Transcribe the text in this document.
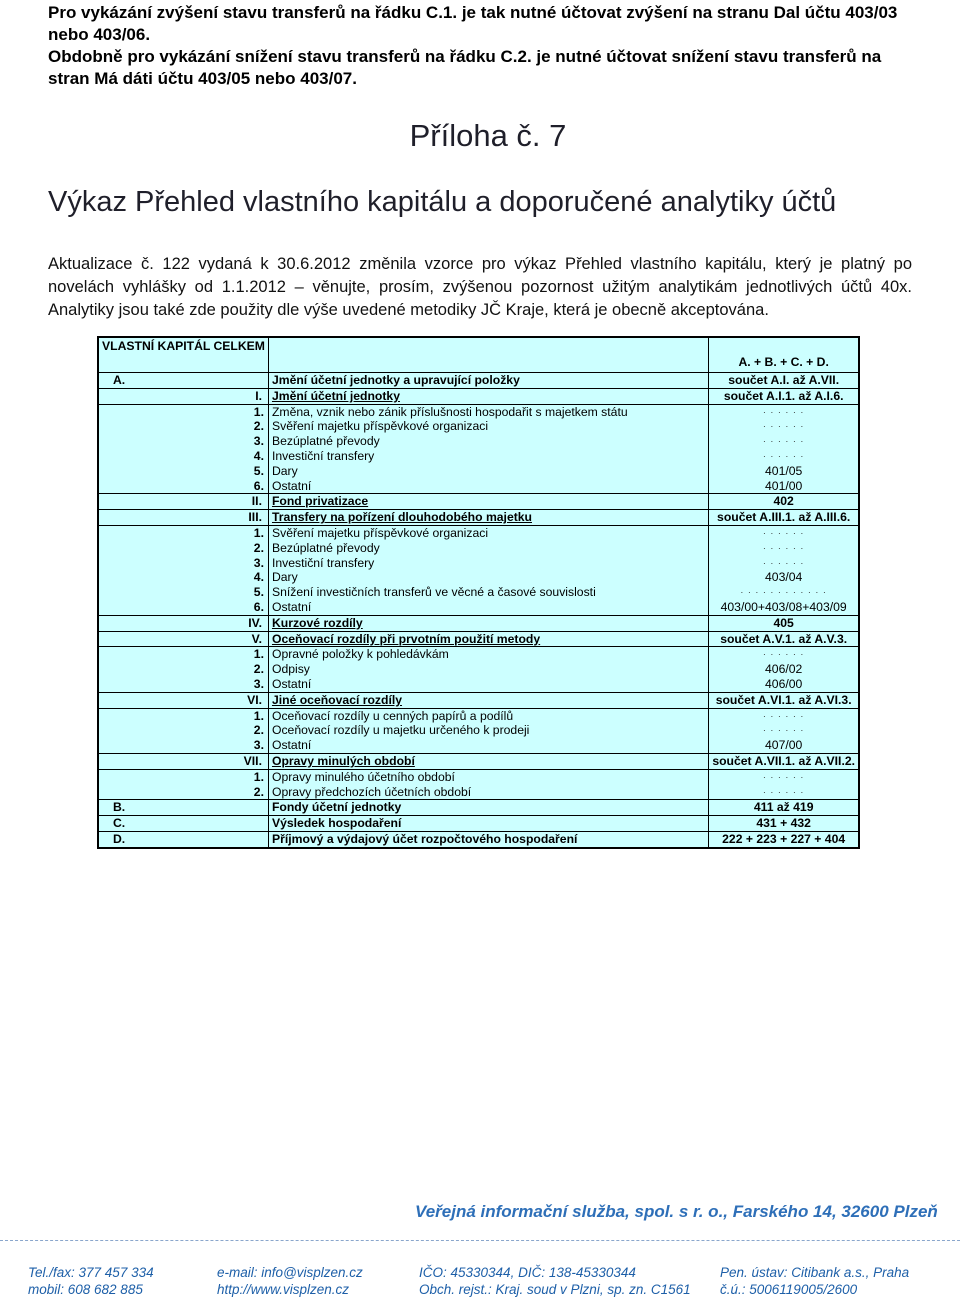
Pro vykázání zvýšení stavu transferů na řádku C.1. je tak nutné účtovat zvýšení na stranu Dal účtu 403/03 nebo 403/06.

Obdobně pro vykázání snížení stavu transferů na řádku C.2. je nutné účtovat snížení stavu transferů na stran Má dáti účtu 403/05 nebo 403/07.

Příloha č. 7
Výkaz Přehled vlastního kapitálu a doporučené analytiky účtů

Aktualizace č. 122 vydaná k 30.6.2012 změnila vzorce pro výkaz Přehled vlastního kapitálu, který je platný po novelách vyhlášky od 1.1.2012 – věnujte, prosím, zvýšenou pozornost užitým analytikám jednotlivých účtů 40x. Analytiky jsou také zde použity dle výše uvedené metodiky JČ Kraje, která je obecně akceptována.

VLASTNÍ KAPITÁL CELKEM		A. + B. + C. + D.
A.	Jmění účetní jednotky a upravující položky	součet A.I. až A.VII.
I.	Jmění účetní jednotky	součet A.I.1. až A.I.6.
1.	Změna, vznik nebo zánik příslušnosti hospodařit s majetkem státu	· · · · · ·
2.	Svěření majetku příspěvkové organizaci	· · · · · ·
3.	Bezúplatné převody	· · · · · ·
4.	Investiční transfery	· · · · · ·
5.	Dary	401/05
6.	Ostatní	401/00
II.	Fond privatizace	402
III.	Transfery na pořízení dlouhodobého majetku	součet A.III.1. až A.III.6.
1.	Svěření majetku příspěvkové organizaci	· · · · · ·
2.	Bezúplatné převody	· · · · · ·
3.	Investiční transfery	· · · · · ·
4.	Dary	403/04
5.	Snížení investičních transferů ve věcné a časové souvislosti	· · · · · · · · · · · ·
6.	Ostatní	403/00+403/08+403/09
IV.	Kurzové rozdíly	405
V.	Oceňovací rozdíly při prvotním použití metody	součet A.V.1. až A.V.3.
1.	Opravné položky k pohledávkám	· · · · · ·
2.	Odpisy	406/02
3.	Ostatní	406/00
VI.	Jiné oceňovací rozdíly	součet A.VI.1. až A.VI.3.
1.	Oceňovací rozdíly u cenných papírů a podílů	· · · · · ·
2.	Oceňovací rozdíly u majetku určeného k prodeji	· · · · · ·
3.	Ostatní	407/00
VII.	Opravy minulých období	součet A.VII.1. až A.VII.2.
1.	Opravy minulého účetního období	· · · · · ·
2.	Opravy předchozích účetních období	· · · · · ·
B.	Fondy účetní jednotky	411 až 419
C.	Výsledek hospodaření	431 + 432
D.	Příjmový a výdajový účet rozpočtového hospodaření	222 + 223 + 227 + 404

Veřejná informační služba, spol. s r. o., Farského 14, 32600 Plzeň

Tel./fax: 377 457 334
mobil: 608 682 885
e-mail: info@visplzen.cz
http://www.visplzen.cz
IČO: 45330344, DIČ: 138-45330344
Obch. rejst.: Kraj. soud v Plzni, sp. zn. C1561
Pen. ústav: Citibank a.s., Praha
č.ú.: 5006119005/2600
